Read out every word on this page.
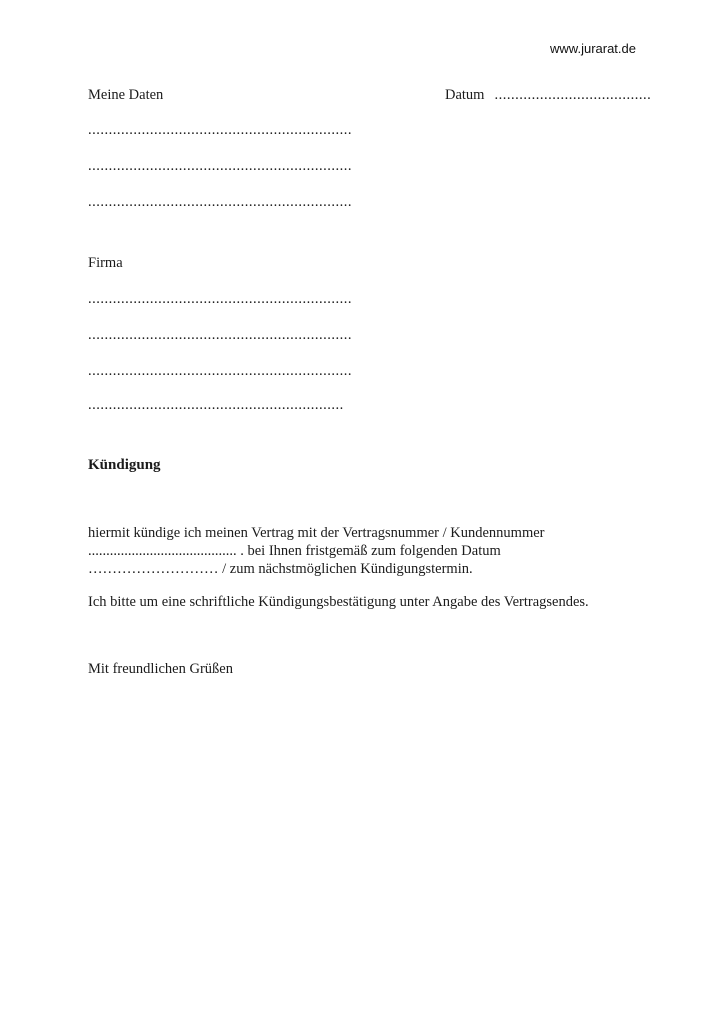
www.jurarat.de
Meine Daten	Datum ......................................
................................................................
................................................................
................................................................
Firma
................................................................
................................................................
................................................................
..............................................................
Kündigung
hiermit kündige ich meinen Vertrag mit der Vertragsnummer / Kundennummer
......................................... . bei Ihnen fristgemäß zum folgenden Datum
……………………… / zum nächstmöglichen Kündigungstermin.
Ich bitte um eine schriftliche Kündigungsbestätigung unter Angabe des Vertragsendes.
Mit freundlichen Grüßen
